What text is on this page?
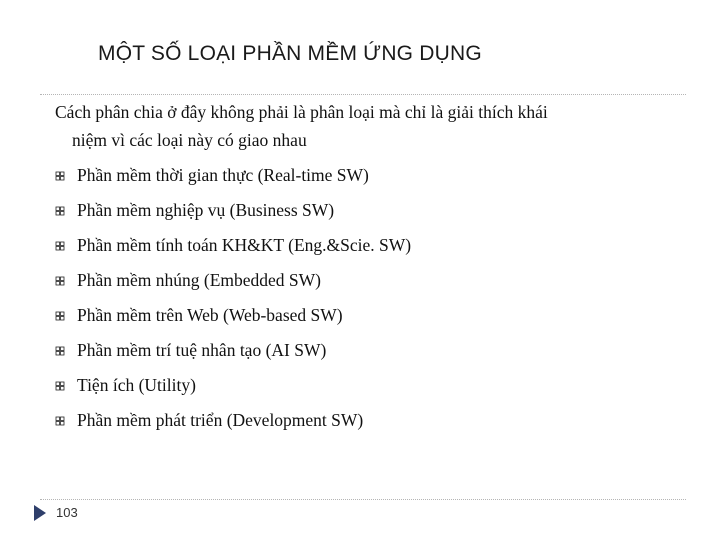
MỘT SỐ LOẠI PHẦN MỀM ỨNG DỤNG
Cách phân chia ở đây không phải là phân loại mà chỉ là giải thích khái
niệm vì các loại này có giao nhau
Phần mềm thời gian thực (Real-time SW)
Phần mềm nghiệp vụ (Business SW)
Phần mềm tính toán KH&KT (Eng.&Scie. SW)
Phần mềm nhúng (Embedded SW)
Phần mềm trên Web (Web-based SW)
Phần mềm trí tuệ nhân tạo (AI SW)
Tiện ích (Utility)
Phần mềm phát triển (Development SW)
103
